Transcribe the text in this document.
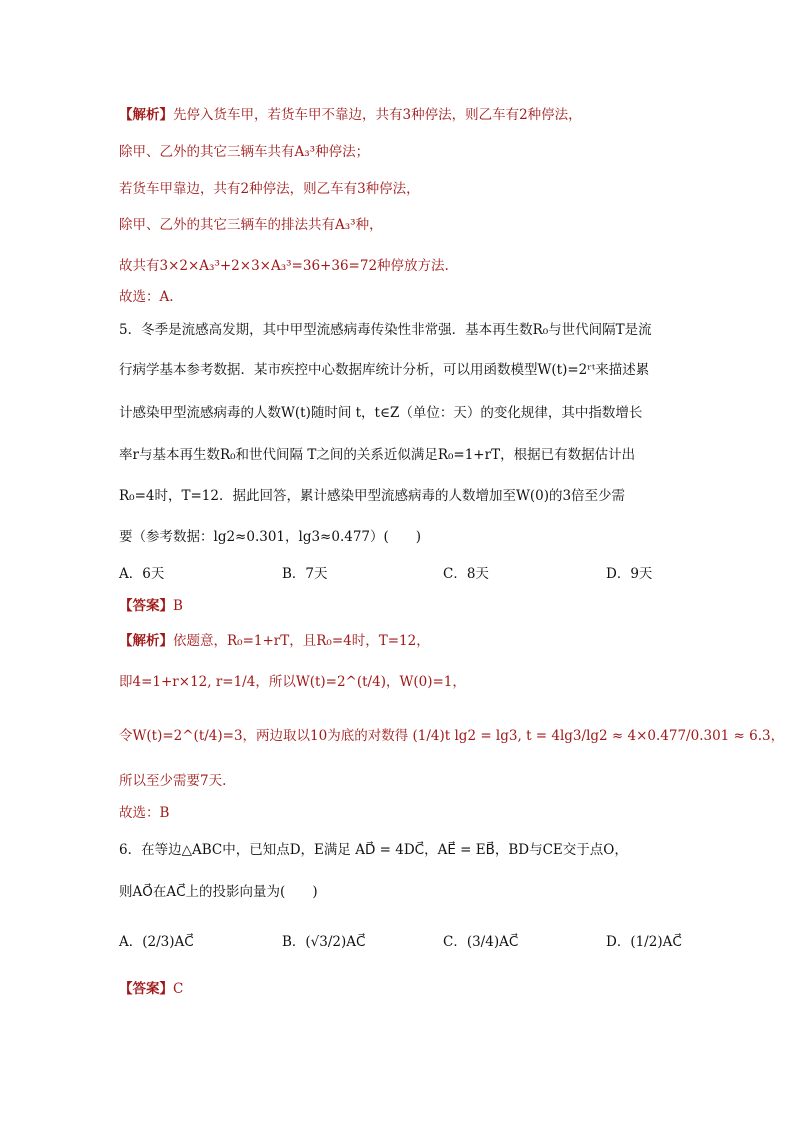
【解析】先停入货车甲，若货车甲不靠边，共有3种停法，则乙车有2种停法，
除甲、乙外的其它三辆车共有A₃³种停法；
若货车甲靠边，共有2种停法，则乙车有3种停法，
除甲、乙外的其它三辆车的排法共有A₃³种，
故共有3×2×A₃³+2×3×A₃³=36+36=72种停放方法.
故选：A.
5．冬季是流感高发期，其中甲型流感病毒传染性非常强．基本再生数R₀与世代间隔T是流
行病学基本参考数据．某市疾控中心数据库统计分析，可以用函数模型W(t)=2ʳᵗ来描述累
计感染甲型流感病毒的人数W(t)随时间 t，t∈Z（单位：天）的变化规律，其中指数增长
率r与基本再生数R₀和世代间隔 T之间的关系近似满足R₀=1+rT，根据已有数据估计出
R₀=4时，T=12．据此回答，累计感染甲型流感病毒的人数增加至W(0)的3倍至少需
要（参考数据：lg2≈0.301，lg3≈0.477）(　　)
A．6天	B．7天	C．8天	D．9天
【答案】B
【解析】依题意，R₀=1+rT，且R₀=4时，T=12，
即4=1+r×12, r=1/4，所以W(t)=2^(t/4)，W(0)=1，
令W(t)=2^(t/4)=3，两边取以10为底的对数得 (1/4)t lg2 = lg3, t = 4lg3/lg2 ≈ 4×0.477/0.301 ≈ 6.3，
所以至少需要7天.
故选：B
6．在等边△ABC中，已知点D，E满足 AD⃗ = 4DC⃗，AE⃗ = EB⃗，BD与CE交于点O，
则AO⃗在AC⃗上的投影向量为(　　)
A．(2/3)AC⃗	B．(√3/2)AC⃗	C．(3/4)AC⃗	D．(1/2)AC⃗
【答案】C
